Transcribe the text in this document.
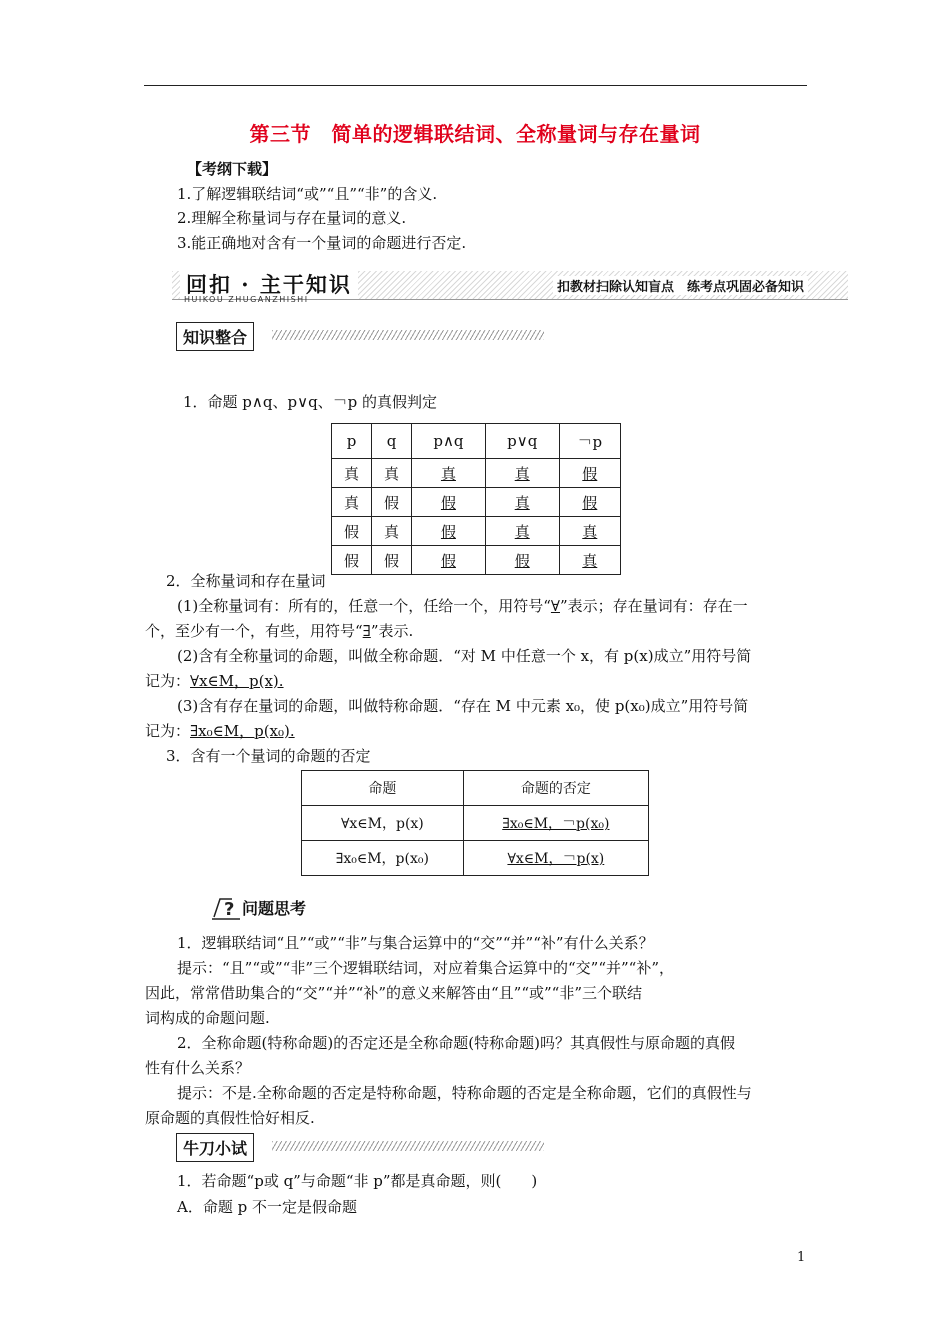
第三节　简单的逻辑联结词、全称量词与存在量词
【考纲下载】
1.了解逻辑联结词“或”“且”“非”的含义.
2.理解全称量词与存在量词的意义.
3.能正确地对含有一个量词的命题进行否定.
回扣 · 主干知识
HUIKOU ZHUGANZHISHI
扣教材扫除认知盲点　练考点巩固必备知识
知识整合
1．命题 p∧q、p∨q、￢p 的真假判定
p	q	p∧q	p∨q	￢p
真	真	真	真	假
真	假	假	真	假
假	真	假	真	真
假	假	假	假	真
2．全称量词和存在量词
(1)全称量词有：所有的，任意一个，任给一个，用符号“∀”表示；存在量词有：存在一
个，至少有一个，有些，用符号“∃”表示.
(2)含有全称量词的命题，叫做全称命题．“对 M 中任意一个 x，有 p(x)成立”用符号简
记为：∀x∈M，p(x).
(3)含有存在量词的命题，叫做特称命题．“存在 M 中元素 x₀，使 p(x₀)成立”用符号简
记为：∃x₀∈M，p(x₀).
3．含有一个量词的命题的否定
命题	命题的否定
∀x∈M，p(x)	∃x₀∈M，￢p(x₀)
∃x₀∈M，p(x₀)	∀x∈M，￢p(x)
? 问题思考
1．逻辑联结词“且”“或”“非”与集合运算中的“交”“并”“补”有什么关系？
提示：“且”“或”“非”三个逻辑联结词，对应着集合运算中的“交”“并”“补”，
因此，常常借助集合的“交”“并”“补”的意义来解答由“且”“或”“非”三个联结
词构成的命题问题.
2．全称命题(特称命题)的否定还是全称命题(特称命题)吗？其真假性与原命题的真假
性有什么关系？
提示：不是.全称命题的否定是特称命题，特称命题的否定是全称命题，它们的真假性与
原命题的真假性恰好相反.
牛刀小试
1．若命题“p或 q”与命题“非 p”都是真命题，则(　　)
A．命题 p 不一定是假命题
1
